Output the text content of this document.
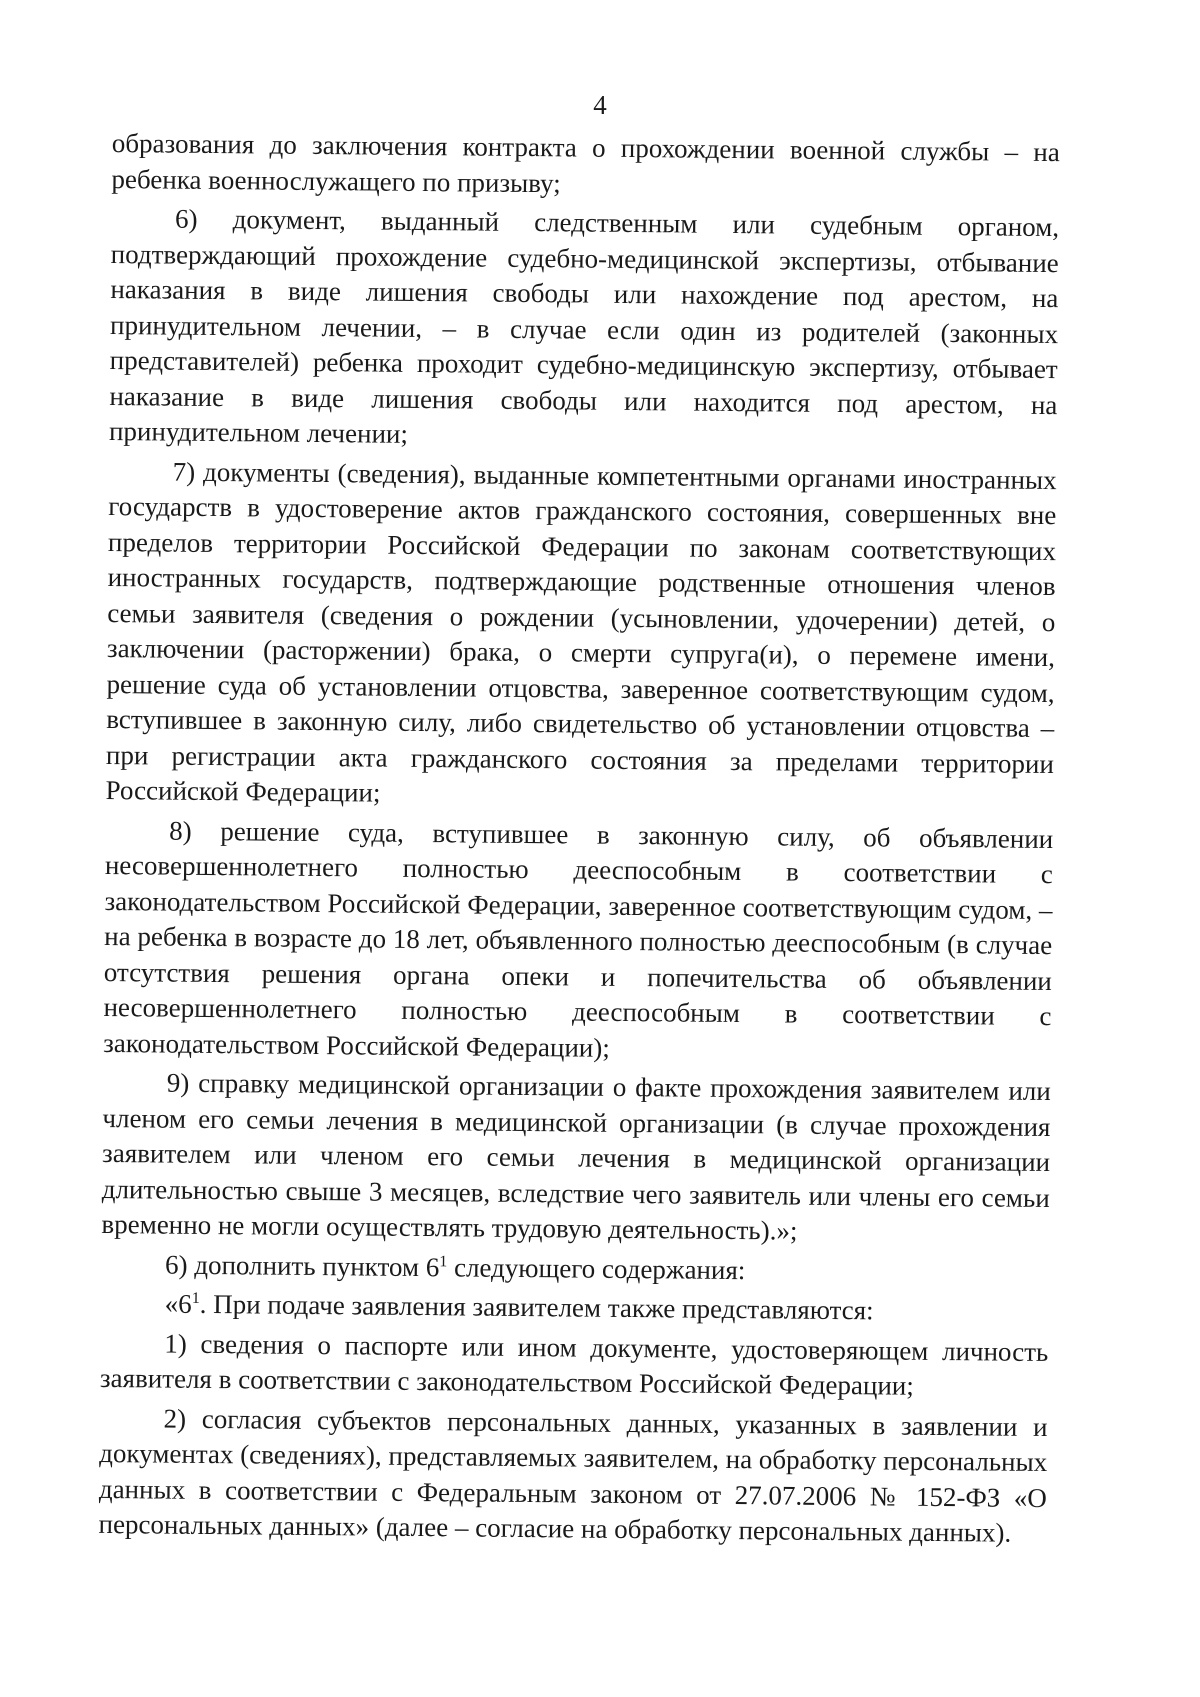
4

образования до заключения контракта о прохождении военной службы – на ребенка военнослужащего по призыву;

6) документ, выданный следственным или судебным органом, подтверждающий прохождение судебно-медицинской экспертизы, отбывание наказания в виде лишения свободы или нахождение под арестом, на принудительном лечении, – в случае если один из родителей (законных представителей) ребенка проходит судебно-медицинскую экспертизу, отбывает наказание в виде лишения свободы или находится под арестом, на принудительном лечении;

7) документы (сведения), выданные компетентными органами иностранных государств в удостоверение актов гражданского состояния, совершенных вне пределов территории Российской Федерации по законам соответствующих иностранных государств, подтверждающие родственные отношения членов семьи заявителя (сведения о рождении (усыновлении, удочерении) детей, о заключении (расторжении) брака, о смерти супруга(и), о перемене имени, решение суда об установлении отцовства, заверенное соответствующим судом, вступившее в законную силу, либо свидетельство об установлении отцовства – при регистрации акта гражданского состояния за пределами территории Российской Федерации;

8) решение суда, вступившее в законную силу, об объявлении несовершеннолетнего полностью дееспособным в соответствии с законодательством Российской Федерации, заверенное соответствующим судом, – на ребенка в возрасте до 18 лет, объявленного полностью дееспособным (в случае отсутствия решения органа опеки и попечительства об объявлении несовершеннолетнего полностью дееспособным в соответствии с законодательством Российской Федерации);

9) справку медицинской организации о факте прохождения заявителем или членом его семьи лечения в медицинской организации (в случае прохождения заявителем или членом его семьи лечения в медицинской организации длительностью свыше 3 месяцев, вследствие чего заявитель или члены его семьи временно не могли осуществлять трудовую деятельность).»;

6) дополнить пунктом $6^1$ следующего содержания:

«$6^1$. При подаче заявления заявителем также представляются:

1) сведения о паспорте или ином документе, удостоверяющем личность заявителя в соответствии с законодательством Российской Федерации;

2) согласия субъектов персональных данных, указанных в заявлении и документах (сведениях), представляемых заявителем, на обработку персональных данных в соответствии с Федеральным законом от 27.07.2006 № 152-ФЗ «О персональных данных» (далее – согласие на обработку персональных данных).
